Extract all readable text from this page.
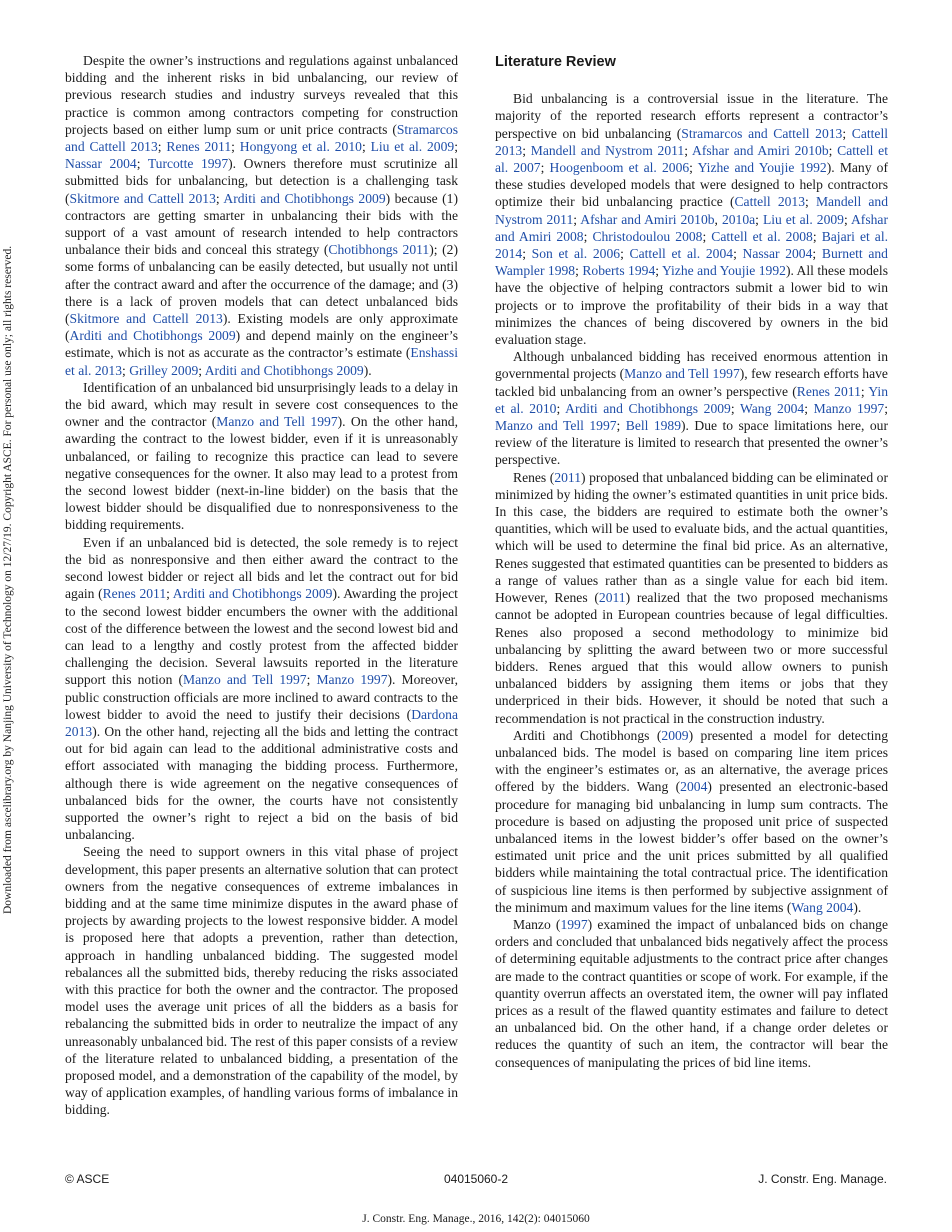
Downloaded from ascelibrary.org by Nanjing University of Technology on 12/27/19. Copyright ASCE. For personal use only; all rights reserved.

Despite the owner’s instructions and regulations against unbalanced bidding and the inherent risks in bid unbalancing, our review of previous research studies and industry surveys revealed that this practice is common among contractors competing for construction projects based on either lump sum or unit price contracts (Stramarcos and Cattell 2013; Renes 2011; Hongyong et al. 2010; Liu et al. 2009; Nassar 2004; Turcotte 1997). Owners therefore must scrutinize all submitted bids for unbalancing, but detection is a challenging task (Skitmore and Cattell 2013; Arditi and Chotibhongs 2009) because (1) contractors are getting smarter in unbalancing their bids with the support of a vast amount of research intended to help contractors unbalance their bids and conceal this strategy (Chotibhongs 2011); (2) some forms of unbalancing can be easily detected, but usually not until after the contract award and after the occurrence of the damage; and (3) there is a lack of proven models that can detect unbalanced bids (Skitmore and Cattell 2013). Existing models are only approximate (Arditi and Chotibhongs 2009) and depend mainly on the engineer’s estimate, which is not as accurate as the contractor’s estimate (Enshassi et al. 2013; Grilley 2009; Arditi and Chotibhongs 2009).

Identification of an unbalanced bid unsurprisingly leads to a delay in the bid award, which may result in severe cost consequences to the owner and the contractor (Manzo and Tell 1997). On the other hand, awarding the contract to the lowest bidder, even if it is unreasonably unbalanced, or failing to recognize this practice can lead to severe negative consequences for the owner. It also may lead to a protest from the second lowest bidder (next-in-line bidder) on the basis that the lowest bidder should be disqualified due to nonresponsiveness to the bidding requirements.

Even if an unbalanced bid is detected, the sole remedy is to reject the bid as nonresponsive and then either award the contract to the second lowest bidder or reject all bids and let the contract out for bid again (Renes 2011; Arditi and Chotibhongs 2009). Awarding the project to the second lowest bidder encumbers the owner with the additional cost of the difference between the lowest and the second lowest bid and can lead to a lengthy and costly protest from the affected bidder challenging the decision. Several lawsuits reported in the literature support this notion (Manzo and Tell 1997; Manzo 1997). Moreover, public construction officials are more inclined to award contracts to the lowest bidder to avoid the need to justify their decisions (Dardona 2013). On the other hand, rejecting all the bids and letting the contract out for bid again can lead to the additional administrative costs and effort associated with managing the bidding process. Furthermore, although there is wide agreement on the negative consequences of unbalanced bids for the owner, the courts have not consistently supported the owner’s right to reject a bid on the basis of bid unbalancing.

Seeing the need to support owners in this vital phase of project development, this paper presents an alternative solution that can protect owners from the negative consequences of extreme imbalances in bidding and at the same time minimize disputes in the award phase of projects by awarding projects to the lowest responsive bidder. A model is proposed here that adopts a prevention, rather than detection, approach in handling unbalanced bidding. The suggested model rebalances all the submitted bids, thereby reducing the risks associated with this practice for both the owner and the contractor. The proposed model uses the average unit prices of all the bidders as a basis for rebalancing the submitted bids in order to neutralize the impact of any unreasonably unbalanced bid. The rest of this paper consists of a review of the literature related to unbalanced bidding, a presentation of the proposed model, and a demonstration of the capability of the model, by way of application examples, of handling various forms of imbalance in bidding.

Literature Review

Bid unbalancing is a controversial issue in the literature. The majority of the reported research efforts represent a contractor’s perspective on bid unbalancing (Stramarcos and Cattell 2013; Cattell 2013; Mandell and Nystrom 2011; Afshar and Amiri 2010b; Cattell et al. 2007; Hoogenboom et al. 2006; Yizhe and Youjie 1992). Many of these studies developed models that were designed to help contractors optimize their bid unbalancing practice (Cattell 2013; Mandell and Nystrom 2011; Afshar and Amiri 2010b, 2010a; Liu et al. 2009; Afshar and Amiri 2008; Christodoulou 2008; Cattell et al. 2008; Bajari et al. 2014; Son et al. 2006; Cattell et al. 2004; Nassar 2004; Burnett and Wampler 1998; Roberts 1994; Yizhe and Youjie 1992). All these models have the objective of helping contractors submit a lower bid to win projects or to improve the profitability of their bids in a way that minimizes the chances of being discovered by owners in the bid evaluation stage.

Although unbalanced bidding has received enormous attention in governmental projects (Manzo and Tell 1997), few research efforts have tackled bid unbalancing from an owner’s perspective (Renes 2011; Yin et al. 2010; Arditi and Chotibhongs 2009; Wang 2004; Manzo 1997; Manzo and Tell 1997; Bell 1989). Due to space limitations here, our review of the literature is limited to research that presented the owner’s perspective.

Renes (2011) proposed that unbalanced bidding can be eliminated or minimized by hiding the owner’s estimated quantities in unit price bids. In this case, the bidders are required to estimate both the owner’s quantities, which will be used to evaluate bids, and the actual quantities, which will be used to determine the final bid price. As an alternative, Renes suggested that estimated quantities can be presented to bidders as a range of values rather than as a single value for each bid item. However, Renes (2011) realized that the two proposed mechanisms cannot be adopted in European countries because of legal difficulties. Renes also proposed a second methodology to minimize bid unbalancing by splitting the award between two or more successful bidders. Renes argued that this would allow owners to punish unbalanced bidders by assigning them items or jobs that they underpriced in their bids. However, it should be noted that such a recommendation is not practical in the construction industry.

Arditi and Chotibhongs (2009) presented a model for detecting unbalanced bids. The model is based on comparing line item prices with the engineer’s estimates or, as an alternative, the average prices offered by the bidders. Wang (2004) presented an electronic-based procedure for managing bid unbalancing in lump sum contracts. The procedure is based on adjusting the proposed unit price of suspected unbalanced items in the lowest bidder’s offer based on the owner’s estimated unit price and the unit prices submitted by all qualified bidders while maintaining the total contractual price. The identification of suspicious line items is then performed by subjective assignment of the minimum and maximum values for the line items (Wang 2004).

Manzo (1997) examined the impact of unbalanced bids on change orders and concluded that unbalanced bids negatively affect the process of determining equitable adjustments to the contract price after changes are made to the contract quantities or scope of work. For example, if the quantity overrun affects an overstated item, the owner will pay inflated prices as a result of the flawed quantity estimates and failure to detect an unbalanced bid. On the other hand, if a change order deletes or reduces the quantity of such an item, the contractor will bear the consequences of manipulating the prices of bid line items.

© ASCE	04015060-2	J. Constr. Eng. Manage.
J. Constr. Eng. Manage., 2016, 142(2): 04015060
